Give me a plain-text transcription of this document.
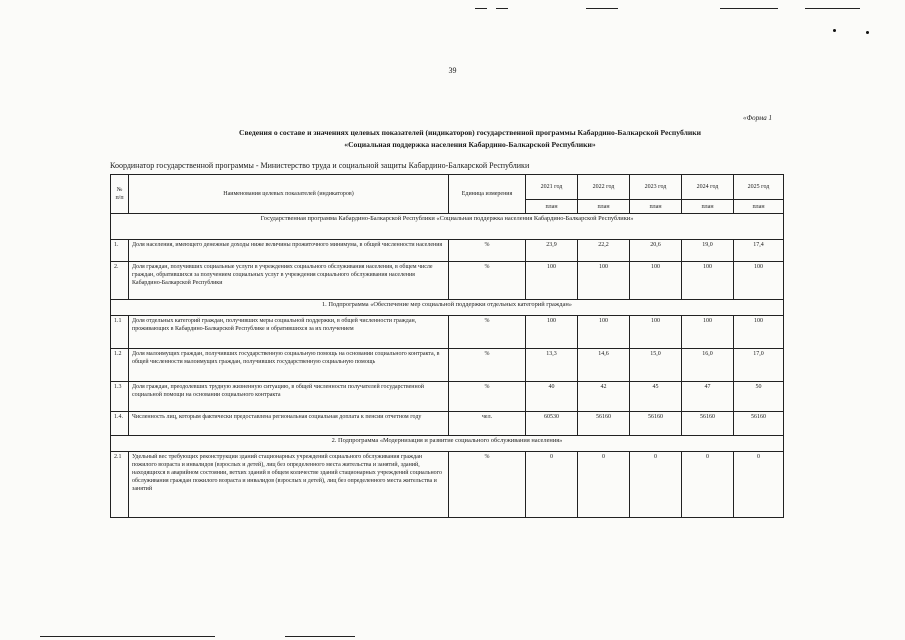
39
«Форма 1
Сведения о составе и значениях целевых показателей (индикаторов) государственной программы Кабардино-Балкарской Республики
«Социальная поддержка населения Кабардино-Балкарской Республики»
Координатор государственной программы - Министерство труда и социальной защиты Кабардино-Балкарской Республики
№ п/п	Наименования целевых показателей (индикаторов)	Единица измерения	2021 год	2022 год	2023 год	2024 год	2025 год
			план	план	план	план	план
Государственная программа Кабардино-Балкарской Республики «Социальная поддержка населения Кабардино-Балкарской Республики»							
1.	Доля населения, имеющего денежные доходы ниже величины прожиточного минимума, в общей численности населения	%	23,9	22,2	20,6	19,0	17,4
2.	Доля граждан, получивших социальные услуги в учреждениях социального обслуживания населения, в общем числе граждан, обратившихся за получением социальных услуг в учреждения социального обслуживания населения Кабардино-Балкарской Республики	%	100	100	100	100	100
1. Подпрограмма «Обеспечение мер социальной поддержки отдельных категорий граждан»							
1.1	Доля отдельных категорий граждан, получивших меры социальной поддержки, в общей численности граждан, проживающих в Кабардино-Балкарской Республике и обратившихся за их получением	%	100	100	100	100	100
1.2	Доля малоимущих граждан, получивших государственную социальную помощь на основании социального контракта, в общей численности малоимущих граждан, получивших государственную социальную помощь	%	13,3	14,6	15,0	16,0	17,0
1.3	Доля граждан, преодолевших трудную жизненную ситуацию, в общей численности получателей государственной социальной помощи на основании социального контракта	%	40	42	45	47	50
1.4.	Численность лиц, которым фактически предоставлена региональная социальная доплата к пенсии отчетном году	чел.	60530	56160	56160	56160	56160
2. Подпрограмма «Модернизация и развитие социального обслуживания населения»							
2.1	Удельный вес требующих реконструкции зданий стационарных учреждений социального обслуживания граждан пожилого возраста и инвалидов (взрослых и детей), лиц без определенного места жительства и занятий, зданий, находящихся в аварийном состоянии, ветхих зданий в общем количестве зданий стационарных учреждений социального обслуживания граждан пожилого возраста и инвалидов (взрослых и детей), лиц без определенного места жительства и занятий	%	0	0	0	0	0
